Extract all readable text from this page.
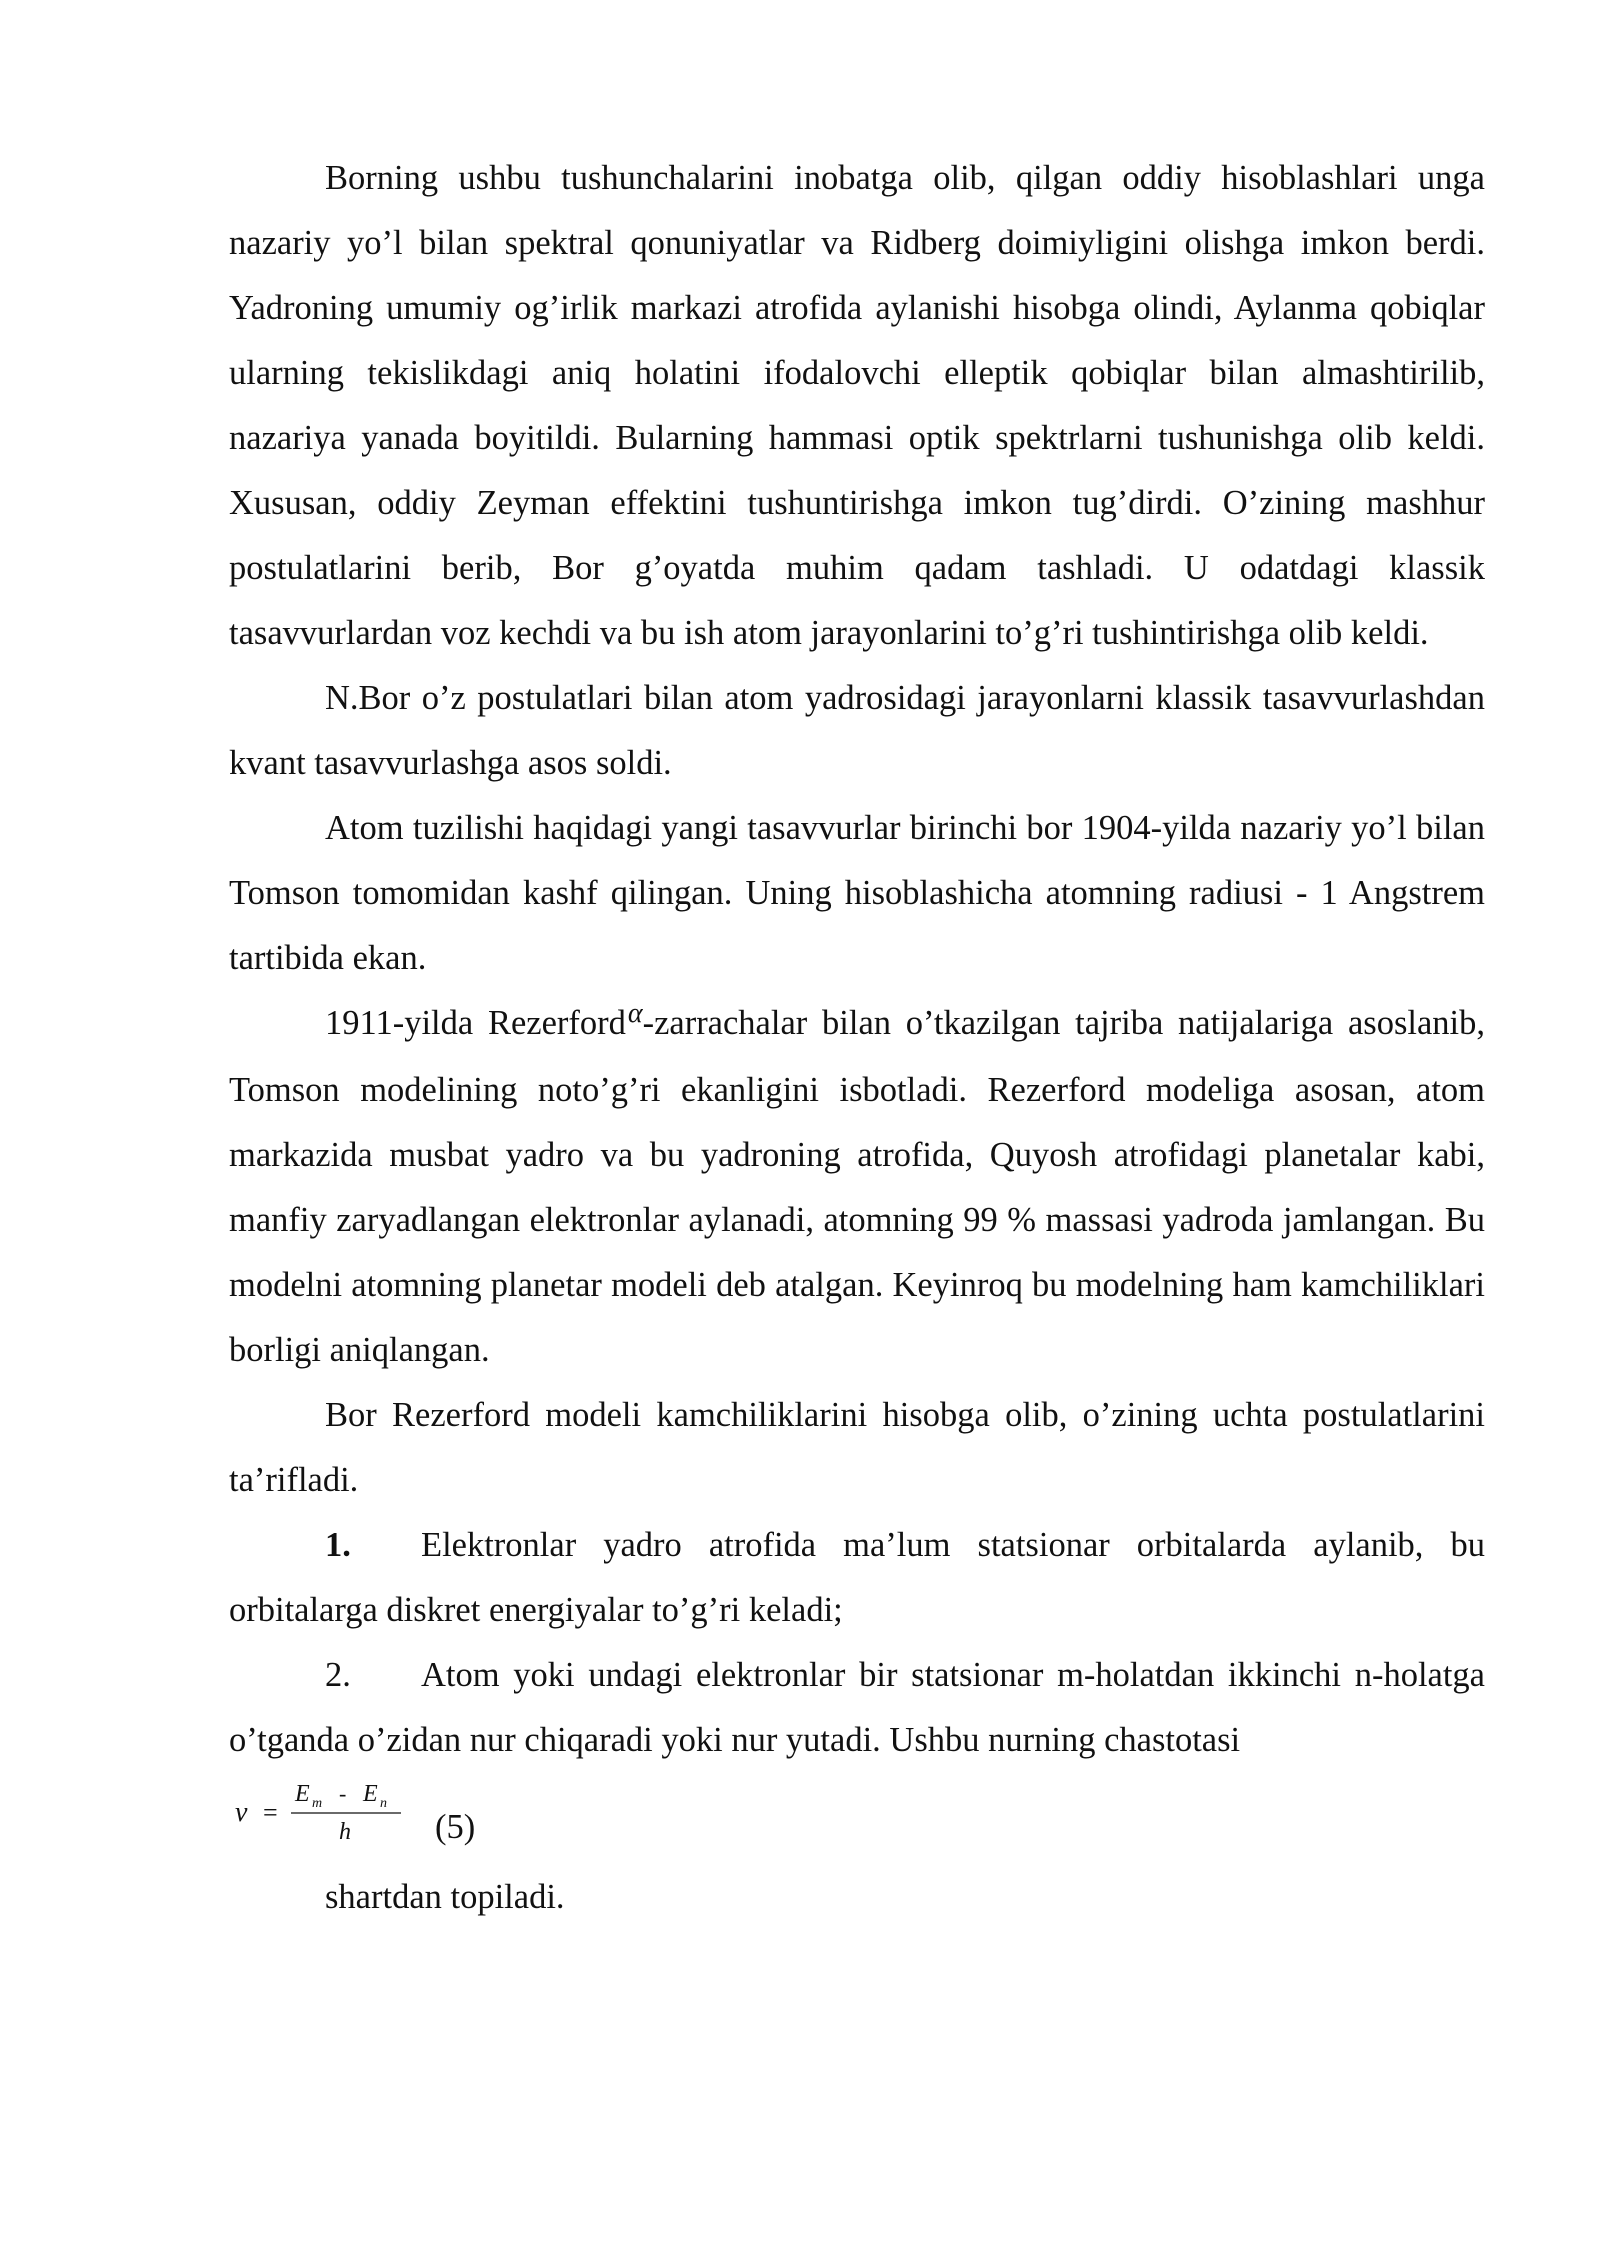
Borning ushbu tushunchalarini inobatga olib, qilgan oddiy hisoblashlari unga nazariy yo’l bilan spektral qonuniyatlar va Ridberg doimiyligini olishga imkon berdi. Yadroning umumiy og’irlik markazi atrofida aylanishi hisobga olindi, Aylanma qobiqlar ularning tekislikdagi aniq holatini ifodalovchi elleptik qobiqlar bilan almashtirilib, nazariya yanada boyitildi. Bularning hammasi optik spektrlarni tushunishga olib keldi. Xususan, oddiy Zeyman effektini tushuntirishga imkon tug’dirdi. O’zining mashhur postulatlarini berib, Bor g’oyatda muhim qadam tashladi. U odatdagi klassik tasavvurlardan voz kechdi va bu ish atom jarayonlarini to’g’ri tushintirishga olib keldi.

N.Bor o’z postulatlari bilan atom yadrosidagi jarayonlarni klassik tasavvurlashdan kvant tasavvurlashga asos soldi.

Atom tuzilishi haqidagi yangi tasavvurlar birinchi bor 1904-yilda nazariy yo’l bilan Tomson tomomidan kashf qilingan. Uning hisoblashicha atomning radiusi - 1 Angstrem tartibida ekan.

1911-yilda Rezerford$^\alpha$-zarrachalar bilan o’tkazilgan tajriba natijalariga asoslanib, Tomson modelining noto’g’ri ekanligini isbotladi. Rezerford modeliga asosan, atom markazida musbat yadro va bu yadroning atrofida, Quyosh atrofidagi planetalar kabi, manfiy zaryadlangan elektronlar aylanadi, atomning 99 % massasi yadroda jamlangan. Bu modelni atomning planetar modeli deb atalgan. Keyinroq bu modelning ham kamchiliklari borligi aniqlangan.

Bor Rezerford modeli kamchiliklarini hisobga olib, o’zining uchta postulatlarini ta’rifladi.

1. Elektronlar yadro atrofida ma’lum statsionar orbitalarda aylanib, bu orbitalarga diskret energiyalar to’g’ri keladi;

2. Atom yoki undagi elektronlar bir statsionar m-holatdan ikkinchi n-holatga o’tganda o’zidan nur chiqaradi yoki nur yutadi. Ushbu nurning chastotasi

ν =
E m - E n
h (5)

shartdan topiladi.
